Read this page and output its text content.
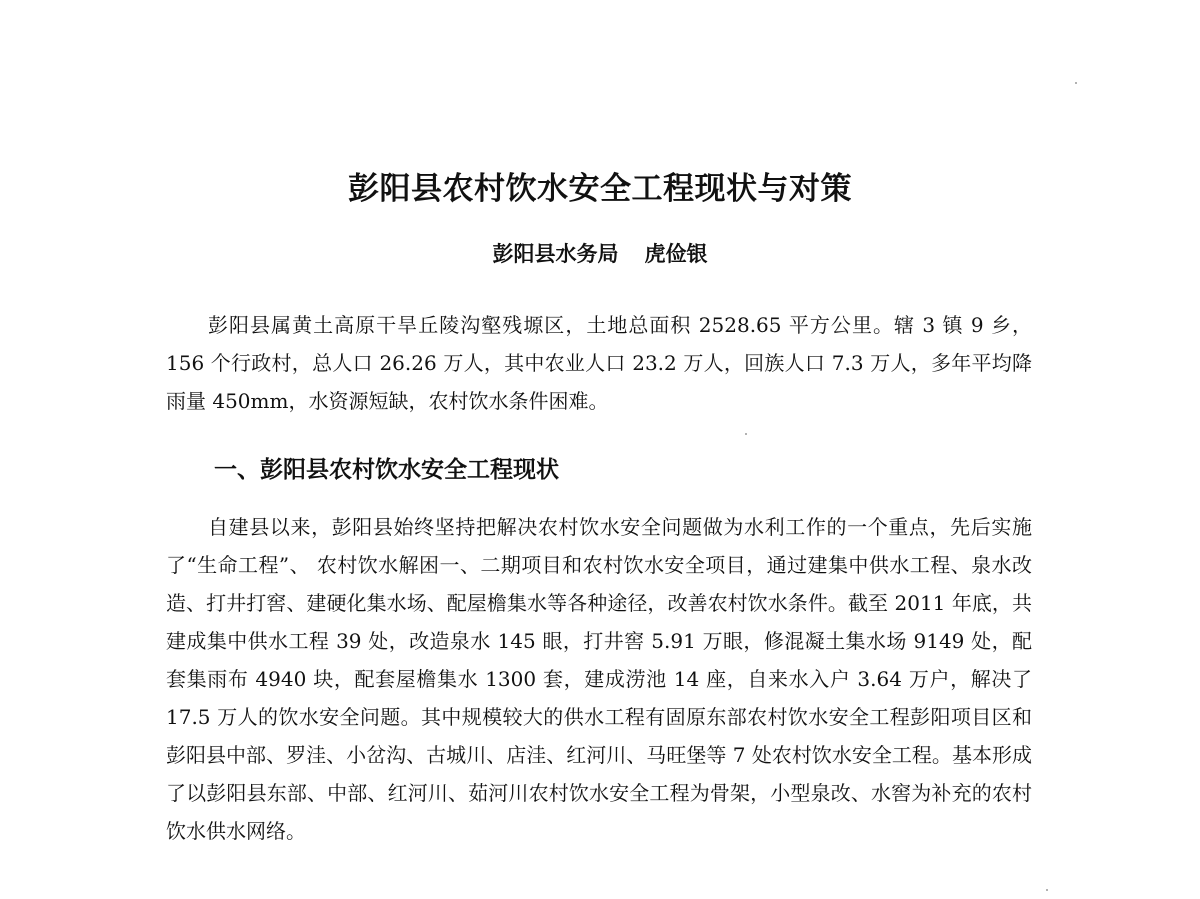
彭阳县农村饮水安全工程现状与对策
彭阳县水务局 虎俭银

彭阳县属黄土高原干旱丘陵沟壑残塬区，土地总面积 2528.65 平方公里。辖 3 镇 9 乡，156 个行政村，总人口 26.26 万人，其中农业人口 23.2 万人，回族人口 7.3 万人，多年平均降雨量 450mm，水资源短缺，农村饮水条件困难。

一、彭阳县农村饮水安全工程现状

自建县以来，彭阳县始终坚持把解决农村饮水安全问题做为水利工作的一个重点，先后实施了“生命工程”、 农村饮水解困一、二期项目和农村饮水安全项目，通过建集中供水工程、泉水改造、打井打窖、建硬化集水场、配屋檐集水等各种途径，改善农村饮水条件。截至 2011 年底，共建成集中供水工程 39 处，改造泉水 145 眼，打井窖 5.91 万眼，修混凝土集水场 9149 处，配套集雨布 4940 块，配套屋檐集水 1300 套，建成涝池 14 座，自来水入户 3.64 万户，解决了 17.5 万人的饮水安全问题。其中规模较大的供水工程有固原东部农村饮水安全工程彭阳项目区和彭阳县中部、罗洼、小岔沟、古城川、店洼、红河川、马旺堡等 7 处农村饮水安全工程。基本形成了以彭阳县东部、中部、红河川、茹河川农村饮水安全工程为骨架，小型泉改、水窖为补充的农村饮水供水网络。
